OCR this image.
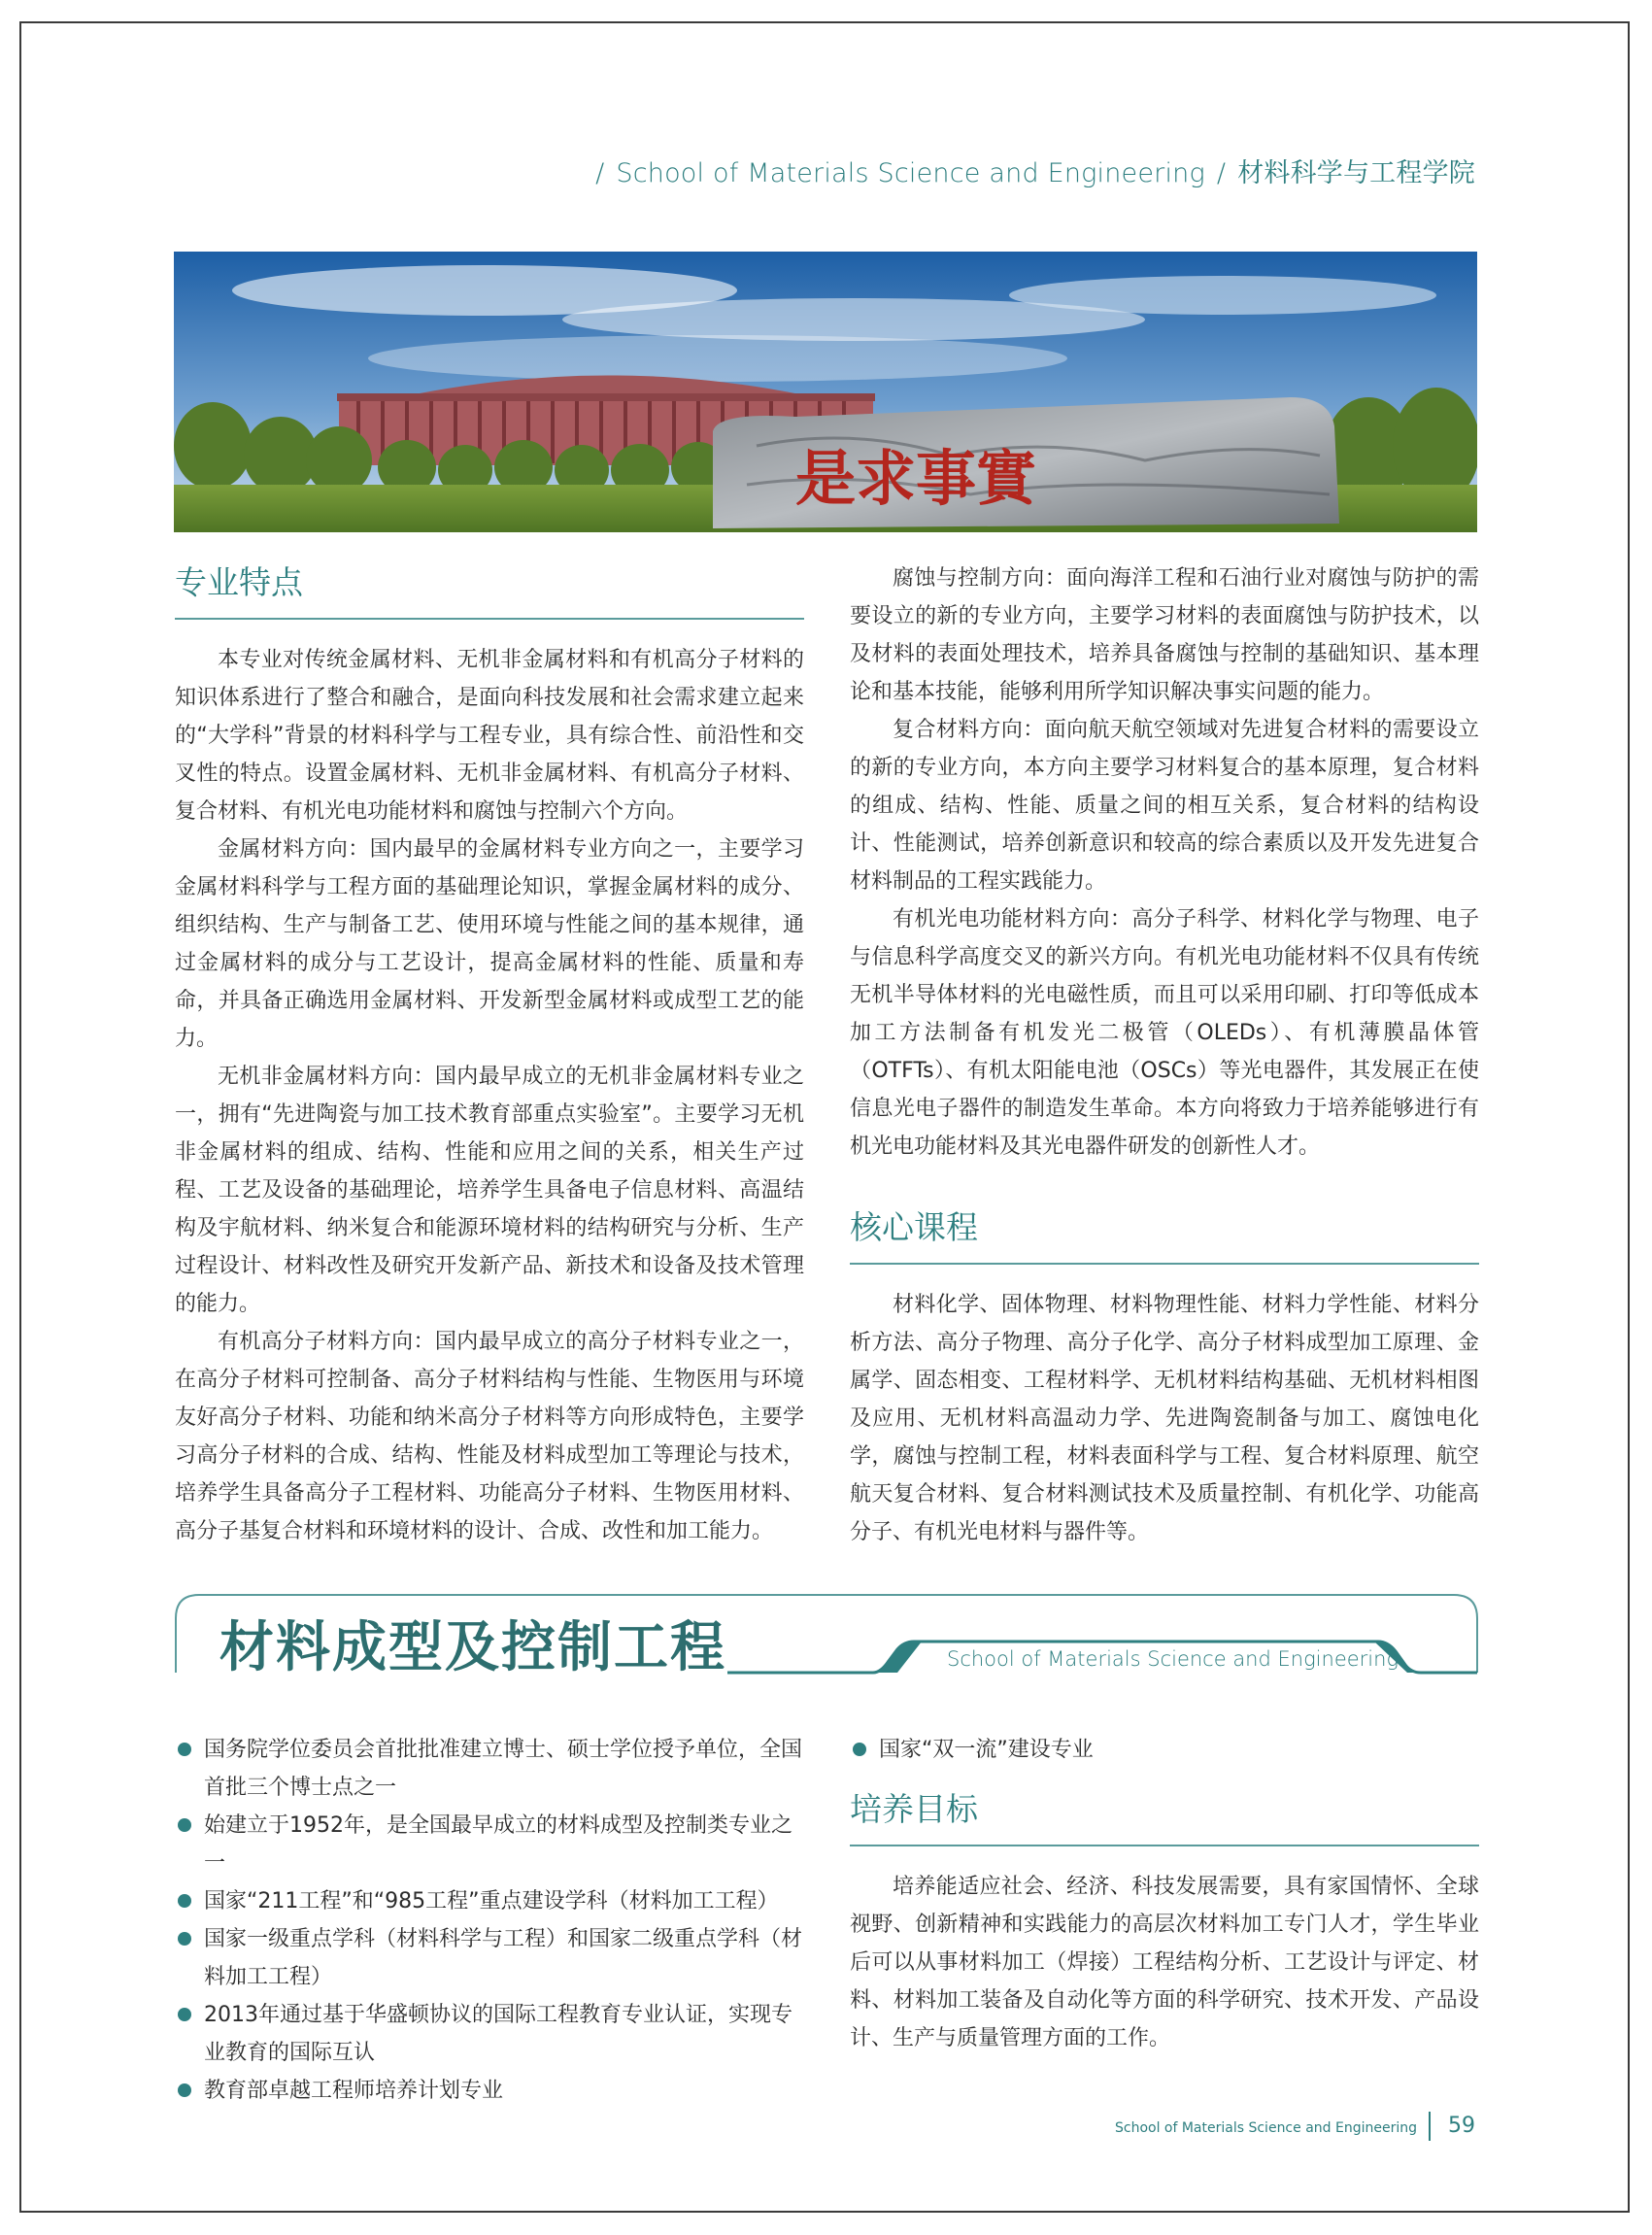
/ School of Materials Science and Engineering / 材料科学与工程学院
是求事實
专业特点

本专业对传统金属材料、无机非金属材料和有机高分子材料的知识体系进行了整合和融合，是面向科技发展和社会需求建立起来的“大学科”背景的材料科学与工程专业，具有综合性、前沿性和交叉性的特点。设置金属材料、无机非金属材料、有机高分子材料、复合材料、有机光电功能材料和腐蚀与控制六个方向。

金属材料方向：国内最早的金属材料专业方向之一，主要学习金属材料科学与工程方面的基础理论知识，掌握金属材料的成分、组织结构、生产与制备工艺、使用环境与性能之间的基本规律，通过金属材料的成分与工艺设计，提高金属材料的性能、质量和寿命，并具备正确选用金属材料、开发新型金属材料或成型工艺的能力。

无机非金属材料方向：国内最早成立的无机非金属材料专业之一，拥有“先进陶瓷与加工技术教育部重点实验室”。主要学习无机非金属材料的组成、结构、性能和应用之间的关系，相关生产过程、工艺及设备的基础理论，培养学生具备电子信息材料、高温结构及宇航材料、纳米复合和能源环境材料的结构研究与分析、生产过程设计、材料改性及研究开发新产品、新技术和设备及技术管理的能力。

有机高分子材料方向：国内最早成立的高分子材料专业之一，在高分子材料可控制备、高分子材料结构与性能、生物医用与环境友好高分子材料、功能和纳米高分子材料等方向形成特色，主要学习高分子材料的合成、结构、性能及材料成型加工等理论与技术，培养学生具备高分子工程材料、功能高分子材料、生物医用材料、高分子基复合材料和环境材料的设计、合成、改性和加工能力。

腐蚀与控制方向：面向海洋工程和石油行业对腐蚀与防护的需要设立的新的专业方向，主要学习材料的表面腐蚀与防护技术，以及材料的表面处理技术，培养具备腐蚀与控制的基础知识、基本理论和基本技能，能够利用所学知识解决事实问题的能力。

复合材料方向：面向航天航空领域对先进复合材料的需要设立的新的专业方向，本方向主要学习材料复合的基本原理，复合材料的组成、结构、性能、质量之间的相互关系，复合材料的结构设计、性能测试，培养创新意识和较高的综合素质以及开发先进复合材料制品的工程实践能力。

有机光电功能材料方向：高分子科学、材料化学与物理、电子与信息科学高度交叉的新兴方向。有机光电功能材料不仅具有传统无机半导体材料的光电磁性质，而且可以采用印刷、打印等低成本加工方法制备有机发光二极管（OLEDs）、有机薄膜晶体管（OTFTs）、有机太阳能电池（OSCs）等光电器件，其发展正在使信息光电子器件的制造发生革命。本方向将致力于培养能够进行有机光电功能材料及其光电器件研发的创新性人才。

核心课程

材料化学、固体物理、材料物理性能、材料力学性能、材料分析方法、高分子物理、高分子化学、高分子材料成型加工原理、金属学、固态相变、工程材料学、无机材料结构基础、无机材料相图及应用、无机材料高温动力学、先进陶瓷制备与加工、腐蚀电化学，腐蚀与控制工程，材料表面科学与工程、复合材料原理、航空航天复合材料、复合材料测试技术及质量控制、有机化学、功能高分子、有机光电材料与器件等。

材料成型及控制工程	School of Materials Science and Engineering
国务院学位委员会首批批准建立博士、硕士学位授予单位，全国首批三个博士点之一
始建立于1952年，是全国最早成立的材料成型及控制类专业之一
国家“211工程”和“985工程”重点建设学科（材料加工工程）
国家一级重点学科（材料科学与工程）和国家二级重点学科（材料加工工程）
2013年通过基于华盛顿协议的国际工程教育专业认证，实现专业教育的国际互认
教育部卓越工程师培养计划专业
国家“双一流”建设专业
培养目标

培养能适应社会、经济、科技发展需要，具有家国情怀、全球视野、创新精神和实践能力的高层次材料加工专门人才，学生毕业后可以从事材料加工（焊接）工程结构分析、工艺设计与评定、材料、材料加工装备及自动化等方面的科学研究、技术开发、产品设计、生产与质量管理方面的工作。

School of Materials Science and Engineering 59
